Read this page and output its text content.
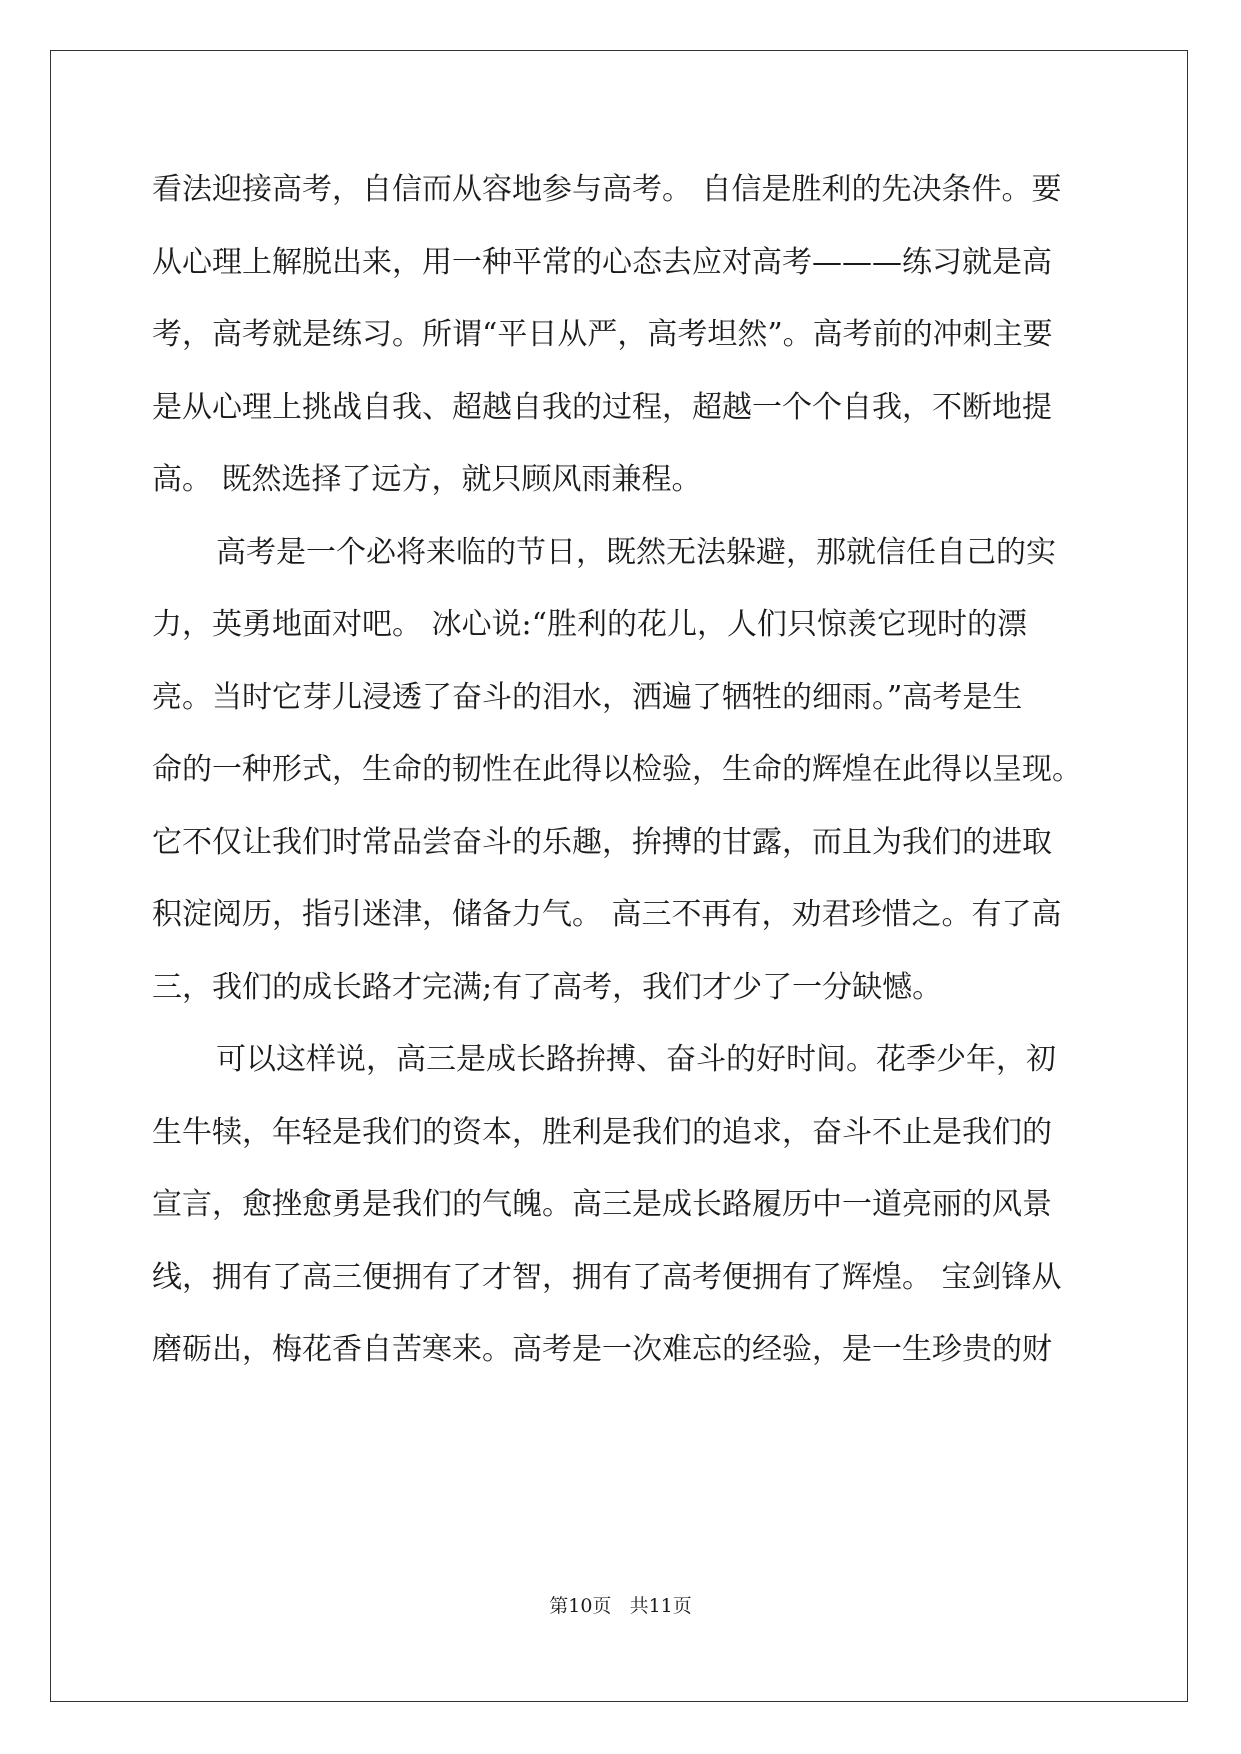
看法迎接高考，自信而从容地参与高考。 自信是胜利的先决条件。要
从心理上解脱出来，用一种平常的心态去应对高考———练习就是高
考，高考就是练习。所谓“平日从严，高考坦然”。高考前的冲刺主要
是从心理上挑战自我、超越自我的过程，超越一个个自我，不断地提
高。 既然选择了远方，就只顾风雨兼程。
高考是一个必将来临的节日，既然无法躲避，那就信任自己的实
力，英勇地面对吧。 冰心说:“胜利的花儿，人们只惊羡它现时的漂
亮。当时它芽儿浸透了奋斗的泪水，洒遍了牺牲的细雨。”高考是生
命的一种形式，生命的韧性在此得以检验，生命的辉煌在此得以呈现。
它不仅让我们时常品尝奋斗的乐趣，拚搏的甘露，而且为我们的进取
积淀阅历，指引迷津，储备力气。 高三不再有，劝君珍惜之。有了高
三，我们的成长路才完满;有了高考，我们才少了一分缺憾。
可以这样说，高三是成长路拚搏、奋斗的好时间。花季少年，初
生牛犊，年轻是我们的资本，胜利是我们的追求，奋斗不止是我们的
宣言，愈挫愈勇是我们的气魄。高三是成长路履历中一道亮丽的风景
线，拥有了高三便拥有了才智，拥有了高考便拥有了辉煌。 宝剑锋从
磨砺出，梅花香自苦寒来。高考是一次难忘的经验，是一生珍贵的财
第10页 共11页
